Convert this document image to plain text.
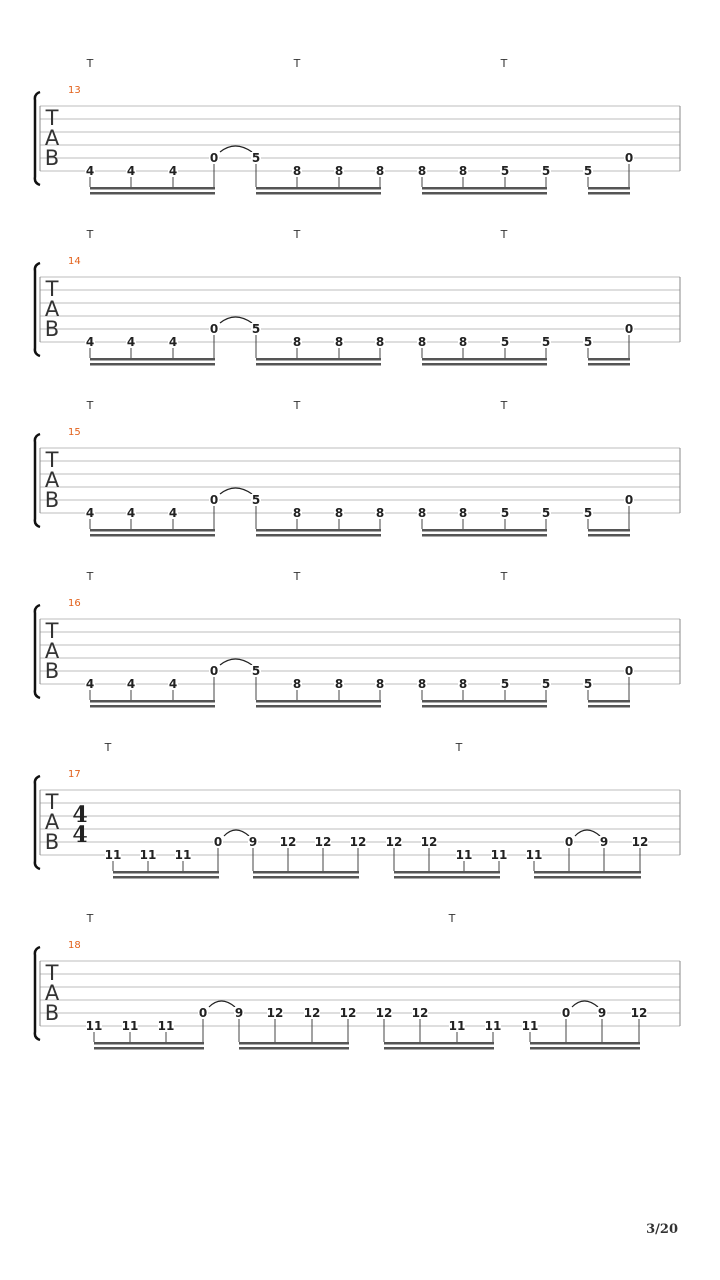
T
A
B
13
T	T	T
4	4	4
0	5
8	8	8	8	8	5	5	5
0
T
A
B
14
T	T	T
4	4	4
0	5
8	8	8	8	8	5	5	5
0
T
A
B
15
T	T	T
4	4	4
0	5
8	8	8	8	8	5	5	5
0
T
A
B
16
T	T	T
4	4	4
0	5
8	8	8	8	8	5	5	5
0
T
A
B
17
T	T
4
4
11 11 11
0 9 12 12 12 12 12
11 11 11
0 9 12
T
A
B
18
T	T
11 11 11
0 9 12 12 12 12 12
11 11 11
0 9 12
3/20
